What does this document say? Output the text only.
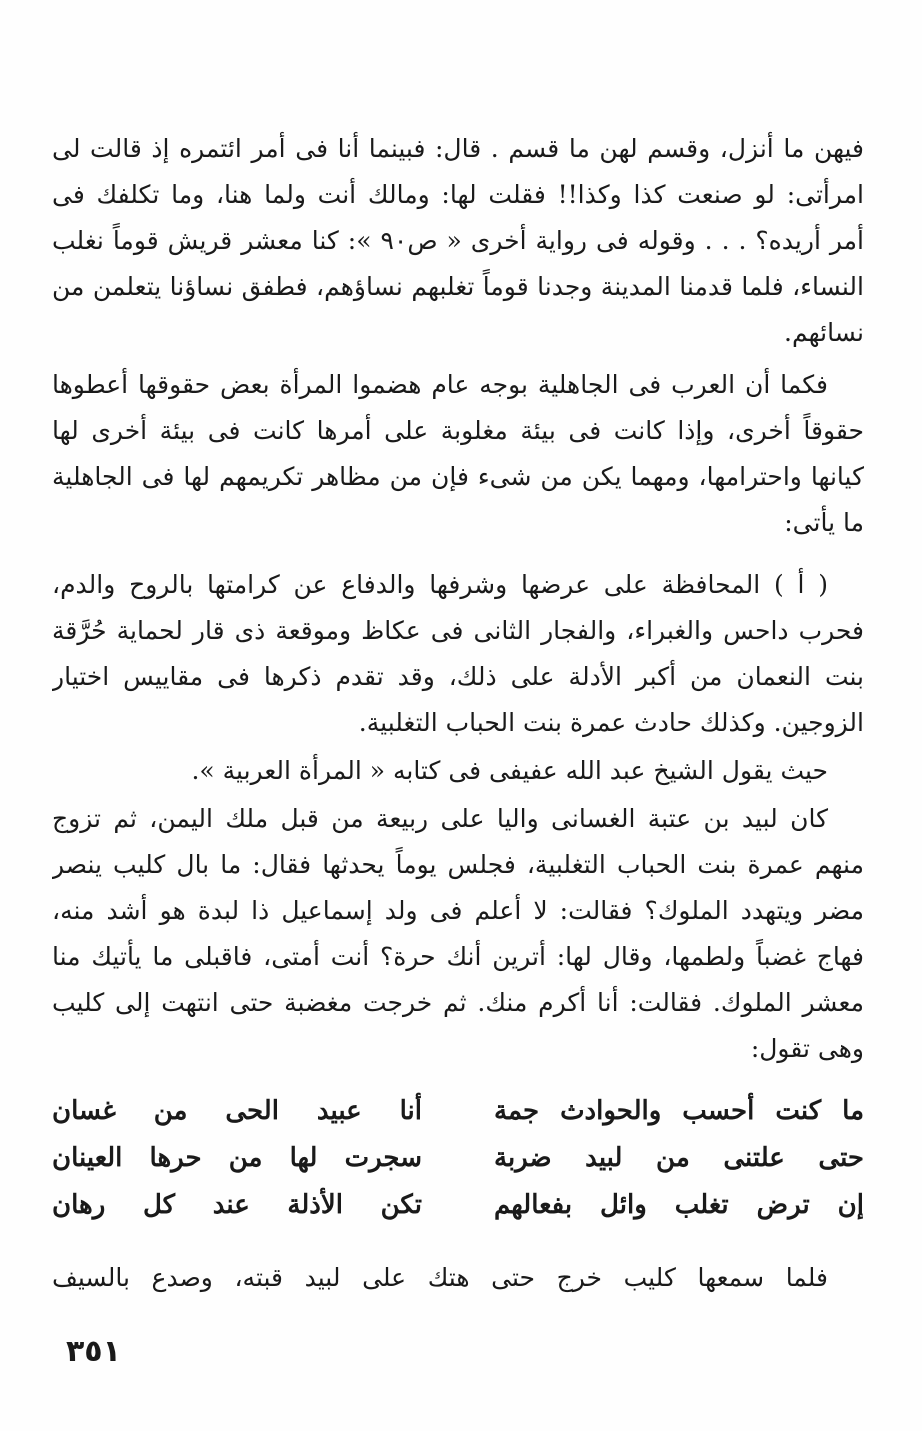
فيهن ما أنزل، وقسم لهن ما قسم . قال: فبينما أنا فى أمر ائتمره إذ قالت لى
امرأتى: لو صنعت كذا وكذا!! فقلت لها: ومالك أنت ولما هنا، وما تكلفك فى
أمر أريده؟ . . . وقوله فى رواية أخرى « ص٩٠ »: كنا معشر قريش قوماً نغلب
النساء، فلما قدمنا المدينة وجدنا قوماً تغلبهم نساؤهم، فطفق نساؤنا يتعلمن من
نسائهم.
فكما أن العرب فى الجاهلية بوجه عام هضموا المرأة بعض حقوقها أعطوها
حقوقاً أخرى، وإذا كانت فى بيئة مغلوبة على أمرها كانت فى بيئة أخرى لها
كيانها واحترامها، ومهما يكن من شىء فإن من مظاهر تكريمهم لها فى الجاهلية
ما يأتى:
( أ ) المحافظة على عرضها وشرفها والدفاع عن كرامتها بالروح والدم،
فحرب داحس والغبراء، والفجار الثانى فى عكاظ وموقعة ذى قار لحماية حُرَّقة
بنت النعمان من أكبر الأدلة على ذلك، وقد تقدم ذكرها فى مقاييس اختيار
الزوجين. وكذلك حادث عمرة بنت الحباب التغلبية.
حيث يقول الشيخ عبد الله عفيفى فى كتابه « المرأة العربية ».
كان لبيد بن عتبة الغسانى واليا على ربيعة من قبل ملك اليمن، ثم تزوج
منهم عمرة بنت الحباب التغلبية، فجلس يوماً يحدثها فقال: ما بال كليب ينصر
مضر ويتهدد الملوك؟ فقالت: لا أعلم فى ولد إسماعيل ذا لبدة هو أشد منه،
فهاج غضباً ولطمها، وقال لها: أترين أنك حرة؟ أنت أمتى، فاقبلى ما يأتيك منا
معشر الملوك. فقالت: أنا أكرم منك. ثم خرجت مغضبة حتى انتهت إلى كليب
وهى تقول:
ما كنت أحسب والحوادث جمة
أنا عبيد الحى من غسان
حتى علتنى من لبيد ضربة
سجرت لها من حرها العينان
إن ترض تغلب وائل بفعالهم
تكن الأذلة عند كل رهان
فلما سمعها كليب خرج حتى هتك على لبيد قبته، وصدع بالسيف
٣٥١
